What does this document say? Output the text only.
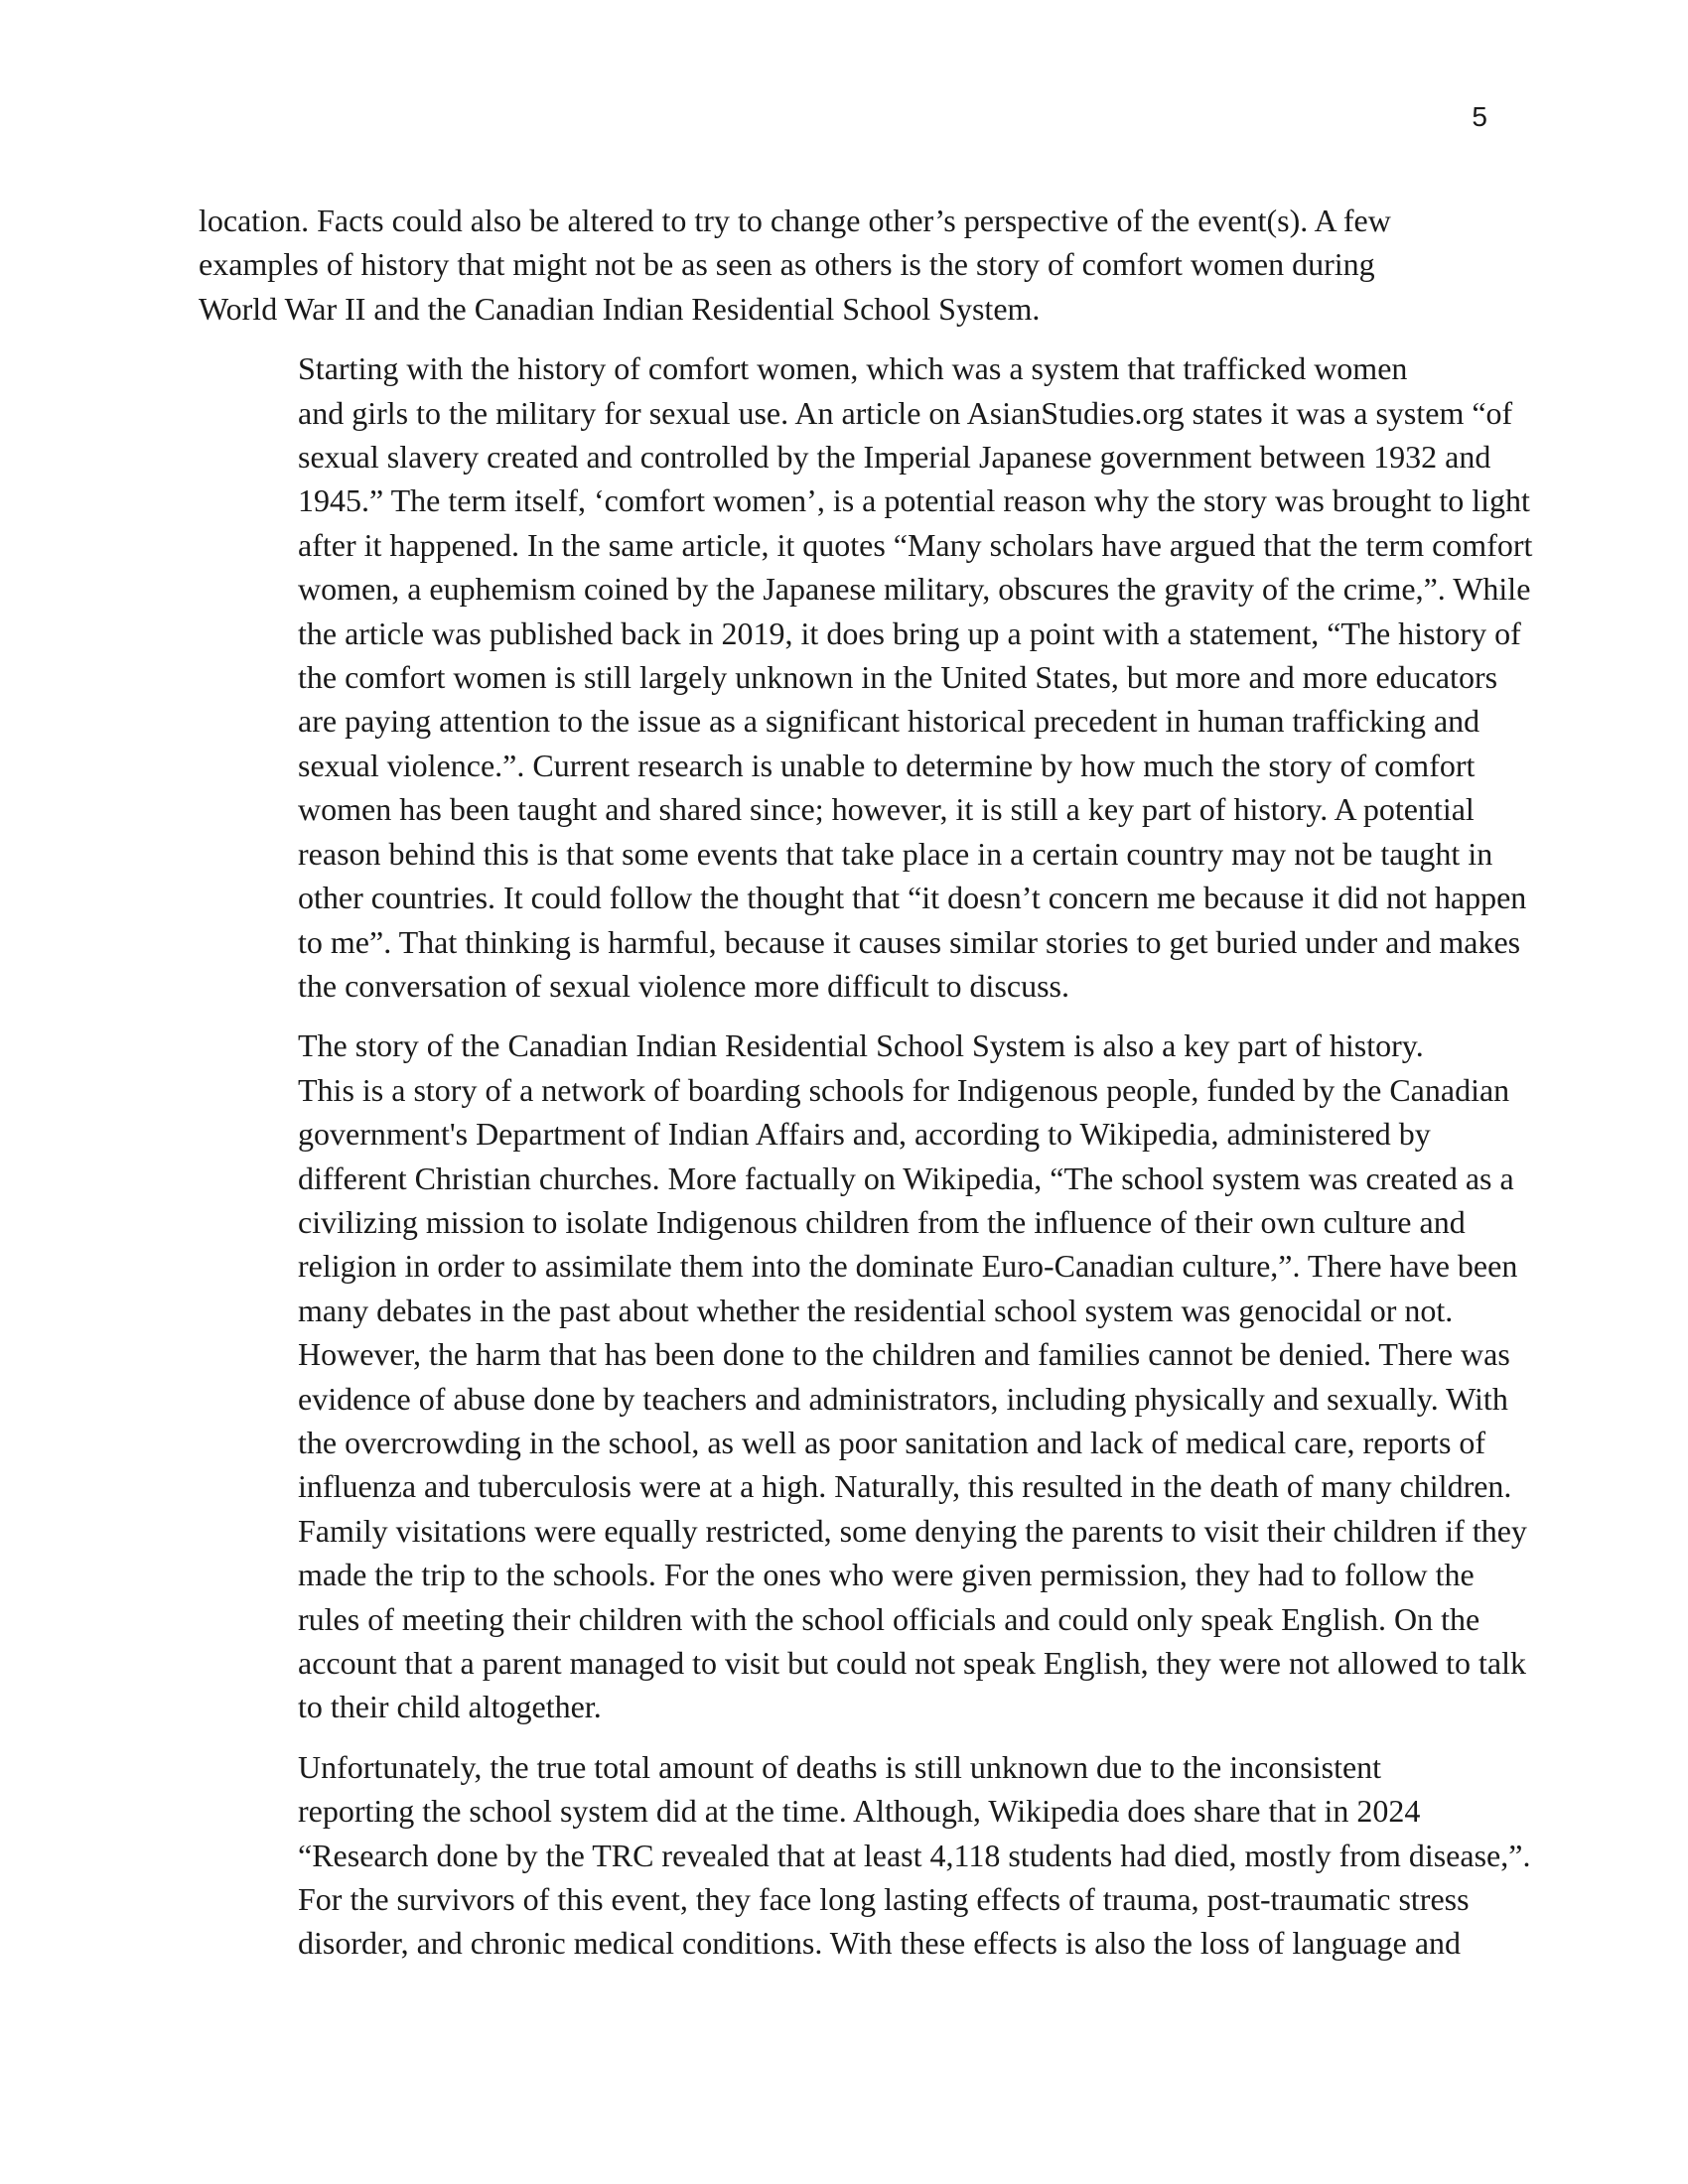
5

location. Facts could also be altered to try to change other’s perspective of the event(s). A few
examples of history that might not be as seen as others is the story of comfort women during
World War II and the Canadian Indian Residential School System.

Starting with the history of comfort women, which was a system that trafficked women
and girls to the military for sexual use. An article on AsianStudies.org states it was a system “of
sexual slavery created and controlled by the Imperial Japanese government between 1932 and
1945.” The term itself, ‘comfort women’, is a potential reason why the story was brought to light
after it happened. In the same article, it quotes “Many scholars have argued that the term comfort
women, a euphemism coined by the Japanese military, obscures the gravity of the crime,”. While
the article was published back in 2019, it does bring up a point with a statement, “The history of
the comfort women is still largely unknown in the United States, but more and more educators
are paying attention to the issue as a significant historical precedent in human trafficking and
sexual violence.”. Current research is unable to determine by how much the story of comfort
women has been taught and shared since; however, it is still a key part of history. A potential
reason behind this is that some events that take place in a certain country may not be taught in
other countries. It could follow the thought that “it doesn’t concern me because it did not happen
to me”. That thinking is harmful, because it causes similar stories to get buried under and makes
the conversation of sexual violence more difficult to discuss.

The story of the Canadian Indian Residential School System is also a key part of history.
This is a story of a network of boarding schools for Indigenous people, funded by the Canadian
government's Department of Indian Affairs and, according to Wikipedia, administered by
different Christian churches. More factually on Wikipedia, “The school system was created as a
civilizing mission to isolate Indigenous children from the influence of their own culture and
religion in order to assimilate them into the dominate Euro-Canadian culture,”. There have been
many debates in the past about whether the residential school system was genocidal or not.
However, the harm that has been done to the children and families cannot be denied. There was
evidence of abuse done by teachers and administrators, including physically and sexually. With
the overcrowding in the school, as well as poor sanitation and lack of medical care, reports of
influenza and tuberculosis were at a high. Naturally, this resulted in the death of many children.
Family visitations were equally restricted, some denying the parents to visit their children if they
made the trip to the schools. For the ones who were given permission, they had to follow the
rules of meeting their children with the school officials and could only speak English. On the
account that a parent managed to visit but could not speak English, they were not allowed to talk
to their child altogether.

Unfortunately, the true total amount of deaths is still unknown due to the inconsistent
reporting the school system did at the time. Although, Wikipedia does share that in 2024
“Research done by the TRC revealed that at least 4,118 students had died, mostly from disease,”.
For the survivors of this event, they face long lasting effects of trauma, post-traumatic stress
disorder, and chronic medical conditions. With these effects is also the loss of language and
